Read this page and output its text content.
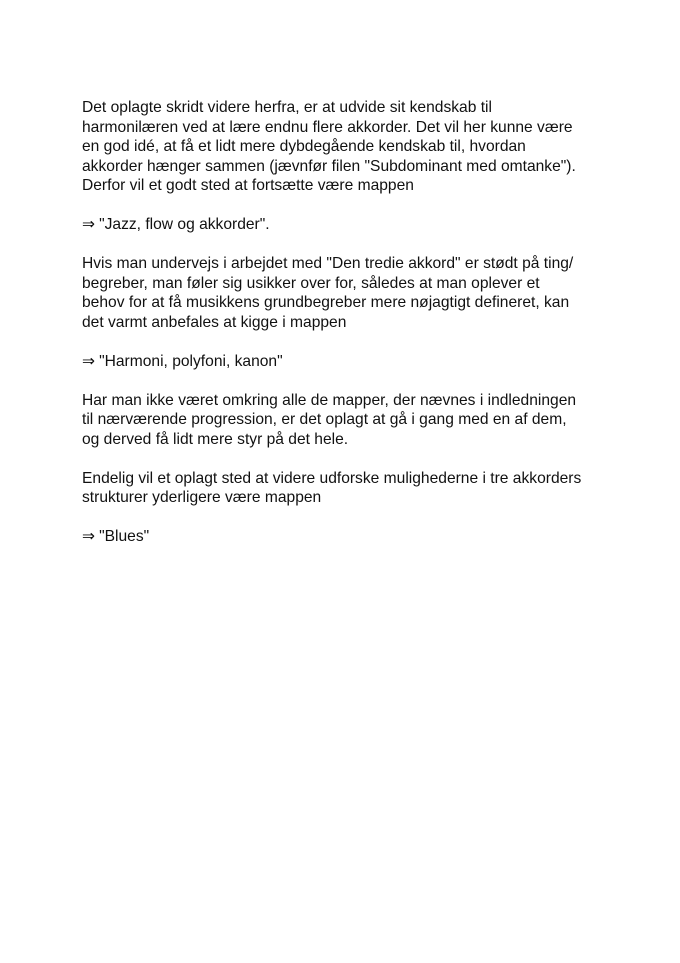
Det oplagte skridt videre herfra, er at udvide sit kendskab til
harmonilæren ved at lære endnu flere akkorder. Det vil her kunne være
en god idé, at få et lidt mere dybdegående kendskab til, hvordan
akkorder hænger sammen (jævnfør filen "Subdominant med omtanke").
Derfor vil et godt sted at fortsætte være mappen
⇒ "Jazz, flow og akkorder".
Hvis man undervejs i arbejdet med "Den tredie akkord" er stødt på ting/
begreber, man føler sig usikker over for, således at man oplever et
behov for at få musikkens grundbegreber mere nøjagtigt defineret, kan
det varmt anbefales at kigge i mappen
⇒ "Harmoni, polyfoni, kanon"
Har man ikke været omkring alle de mapper, der nævnes i indledningen
til nærværende progression, er det oplagt at gå i gang med en af dem,
og derved få lidt mere styr på det hele.
Endelig vil et oplagt sted at videre udforske mulighederne i tre akkorders
strukturer yderligere være mappen
⇒ "Blues"
